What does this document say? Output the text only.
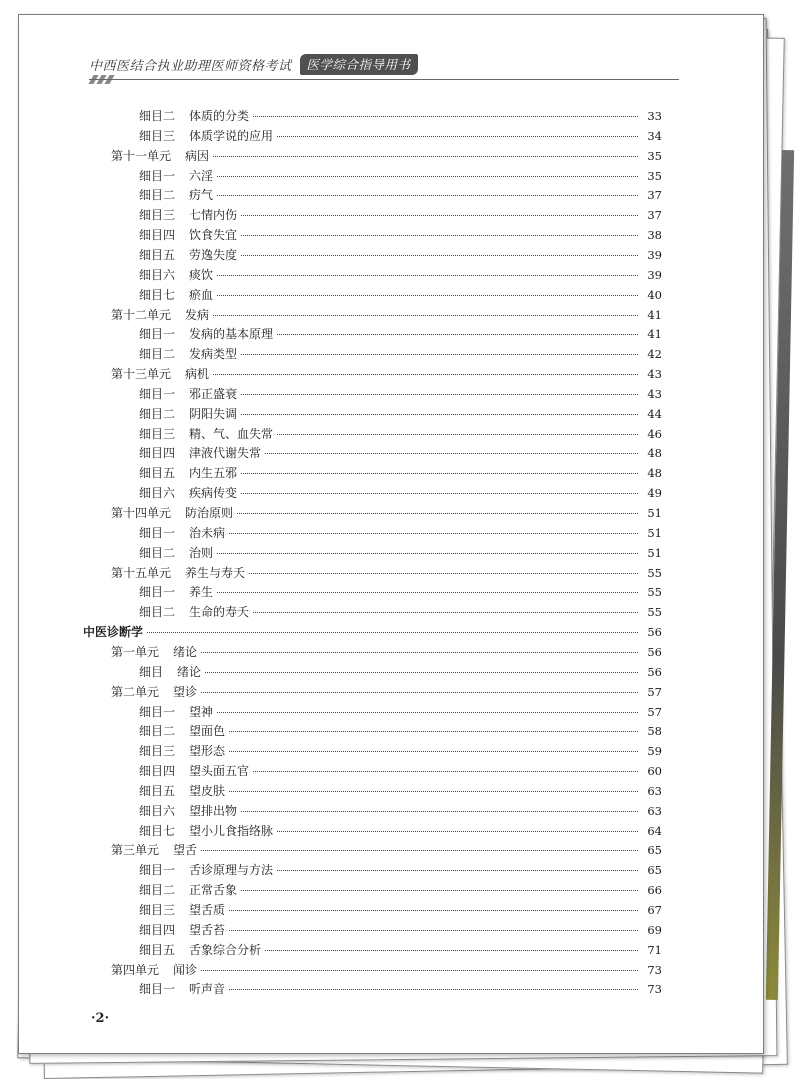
中西医结合执业助理医师资格考试	医学综合指导用书
细目二 体质的分类	33
细目三 体质学说的应用	34
第十一单元 病因	35
细目一 六淫	35
细目二 疠气	37
细目三 七情内伤	37
细目四 饮食失宜	38
细目五 劳逸失度	39
细目六 痰饮	39
细目七 瘀血	40
第十二单元 发病	41
细目一 发病的基本原理	41
细目二 发病类型	42
第十三单元 病机	43
细目一 邪正盛衰	43
细目二 阴阳失调	44
细目三 精、气、血失常	46
细目四 津液代谢失常	48
细目五 内生五邪	48
细目六 疾病传变	49
第十四单元 防治原则	51
细目一 治未病	51
细目二 治则	51
第十五单元 养生与寿夭	55
细目一 养生	55
细目二 生命的寿夭	55
中医诊断学	56
第一单元 绪论	56
细目 绪论	56
第二单元 望诊	57
细目一 望神	57
细目二 望面色	58
细目三 望形态	59
细目四 望头面五官	60
细目五 望皮肤	63
细目六 望排出物	63
细目七 望小儿食指络脉	64
第三单元 望舌	65
细目一 舌诊原理与方法	65
细目二 正常舌象	66
细目三 望舌质	67
细目四 望舌苔	69
细目五 舌象综合分析	71
第四单元 闻诊	73
细目一 听声音	73
·2·
